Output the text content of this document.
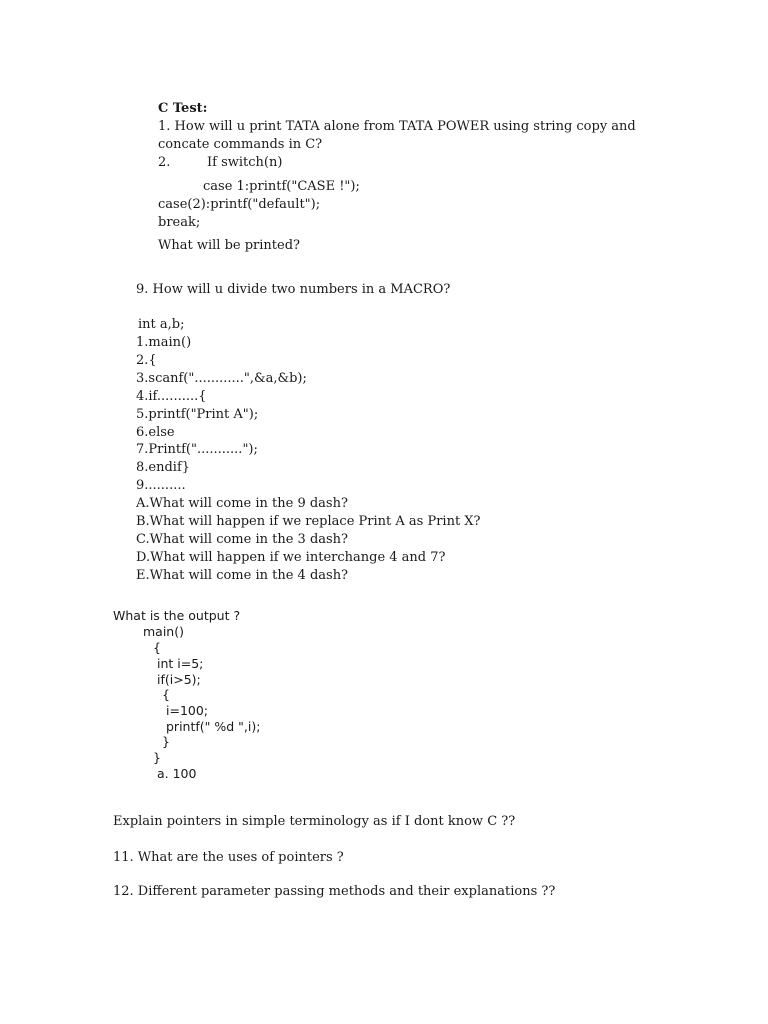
C Test:
1. How will u print TATA alone from TATA POWER using string copy and
concate commands in C?
2.	If switch(n)
case 1:printf("CASE !");
case(2):printf("default");
break;
What will be printed?
9. How will u divide two numbers in a MACRO?
int a,b;
1.main()
2.{
3.scanf("............",&a,&b);
4.if..........{
5.printf("Print A");
6.else
7.Printf("...........");
8.endif}
9..........
A.What will come in the 9 dash?
B.What will happen if we replace Print A as Print X?
C.What will come in the 3 dash?
D.What will happen if we interchange 4 and 7?
E.What will come in the 4 dash?
What is the output ?
main()
{
int i=5;
if(i>5);
{
i=100;
printf(" %d ",i);
}
}
a. 100
Explain pointers in simple terminology as if I dont know C ??
11. What are the uses of pointers ?
12. Different parameter passing methods and their explanations ??
